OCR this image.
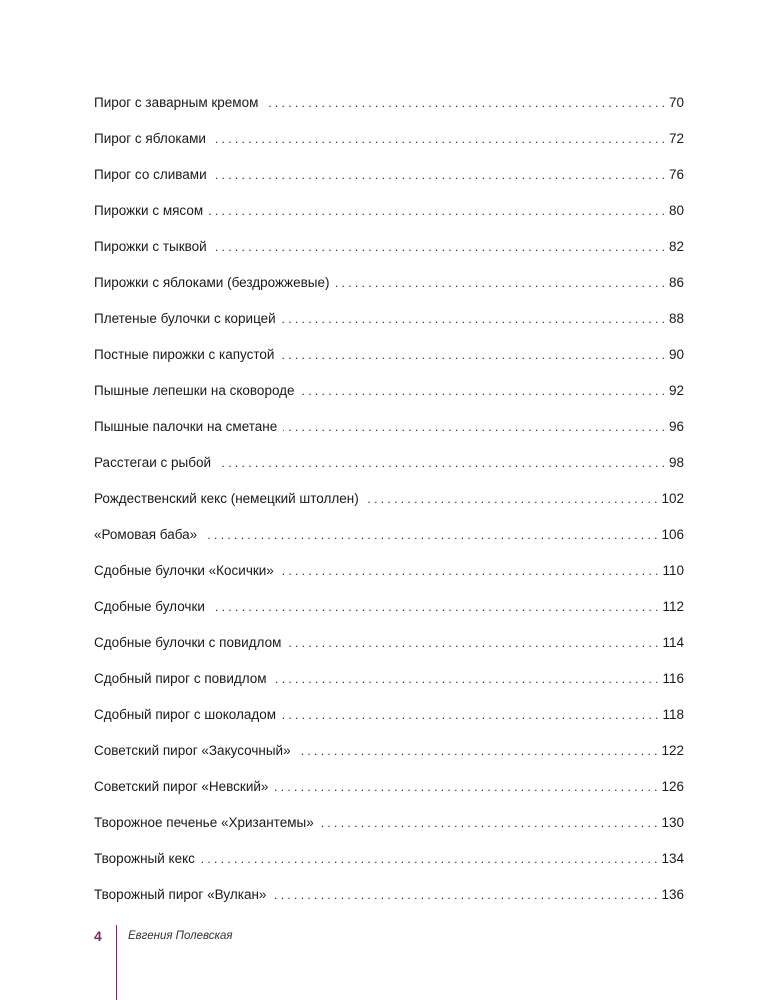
Пирог с заварным кремом . . .	70
Пирог с яблоками . . .	72
Пирог со сливами . . .	76
Пирожки с мясом . . .	80
Пирожки с тыквой . . .	82
Пирожки с яблоками (бездрожжевые) . . .	86
Плетеные булочки с корицей . . .	88
Постные пирожки с капустой . . .	90
Пышные лепешки на сковороде . . .	92
Пышные палочки на сметане . . .	96
Расстегаи с рыбой . . .	98
Рождественский кекс (немецкий штоллен) . . .	102
«Ромовая баба» . . .	106
Сдобные булочки «Косички» . . .	110
Сдобные булочки . . .	112
Сдобные булочки с повидлом . . .	114
Сдобный пирог с повидлом . . .	116
Сдобный пирог с шоколадом . . .	118
Советский пирог «Закусочный» . . .	122
Советский пирог «Невский» . . .	126
Творожное печенье «Хризантемы» . . .	130
Творожный кекс . . .	134
Творожный пирог «Вулкан» . . .	136
4 Евгения Полевская
